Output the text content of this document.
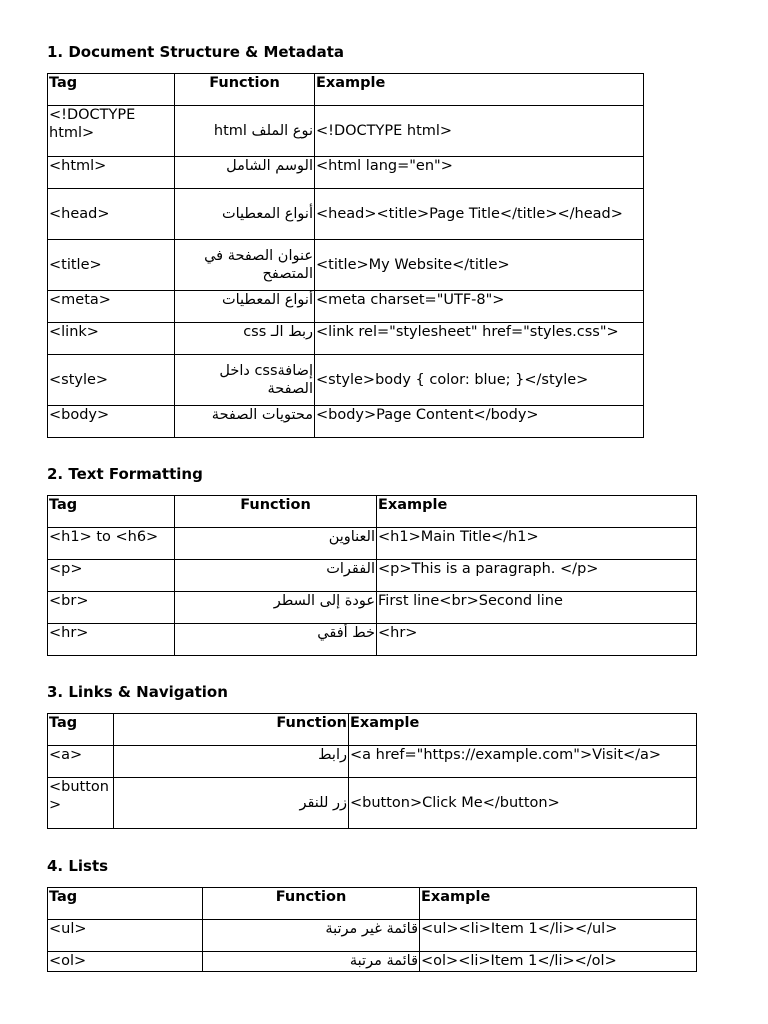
1. Document Structure & Metadata
Tag	Function	Example
<!DOCTYPE html>	نوع الملف html	<!DOCTYPE html>
<html>	الوسم الشامل	<html lang="en">
<head>	أنواع المعطيات	<head><title>Page Title</title></head>
<title>	عنوان الصفحة في المتصفح	<title>My Website</title>
<meta>	أنواع المعطيات	<meta charset="UTF-8">
<link>	ربط الـ css	<link rel="stylesheet" href="styles.css">
<style>	إضافةcss داخل الصفحة	<style>body { color: blue; }</style>
<body>	محتويات الصفحة	<body>Page Content</body>
2. Text Formatting
Tag	Function	Example
<h1> to <h6>	العناوين	<h1>Main Title</h1>
<p>	الفقرات	<p>This is a paragraph. </p>
<br>	عودة إلى السطر	First line<br>Second line
<hr>	خط أفقي	<hr>
3. Links & Navigation
Tag	Function	Example
<a>	رابط	<a href="https://example.com">Visit</a>
<button>	زر للنقر	<button>Click Me</button>
4. Lists
Tag	Function	Example
<ul>	قائمة غير مرتبة	<ul><li>Item 1</li></ul>
<ol>	قائمة مرتبة	<ol><li>Item 1</li></ol>
